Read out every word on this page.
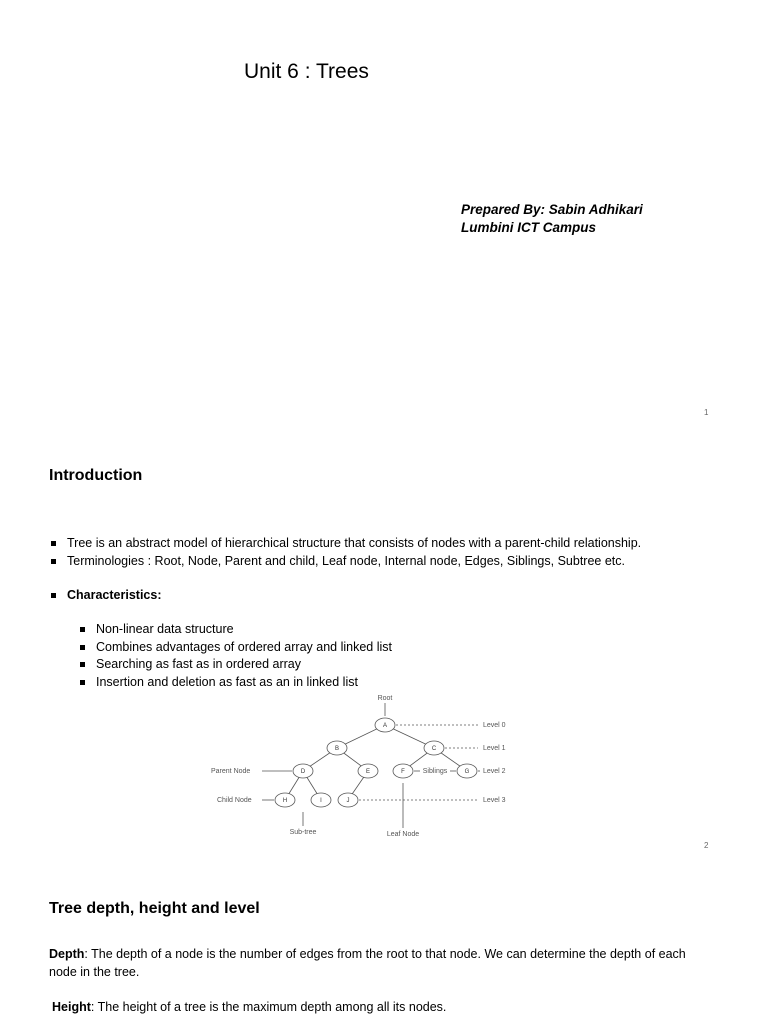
Unit 6 : Trees
Prepared By: Sabin Adhikari
Lumbini ICT Campus
1
Introduction
Tree is an abstract model of hierarchical structure that consists of nodes with a parent-child relationship.
Terminologies : Root, Node, Parent and child, Leaf node, Internal node, Edges, Siblings, Subtree etc.
Characteristics:
Non-linear data structure
Combines advantages of ordered array and linked list
Searching as fast as in ordered array
Insertion and deletion as fast as an in linked list
A
B	C
D	E	F	G
H	I	J
Root
Level 0
Level 1
Level 2
Level 3
Parent Node
Child Node
Siblings
Sub-tree	Leaf Node
2
Tree depth, height and level
Depth: The depth of a node is the number of edges from the root to that node. We can determine the depth of each node in the tree.
Height: The height of a tree is the maximum depth among all its nodes.
